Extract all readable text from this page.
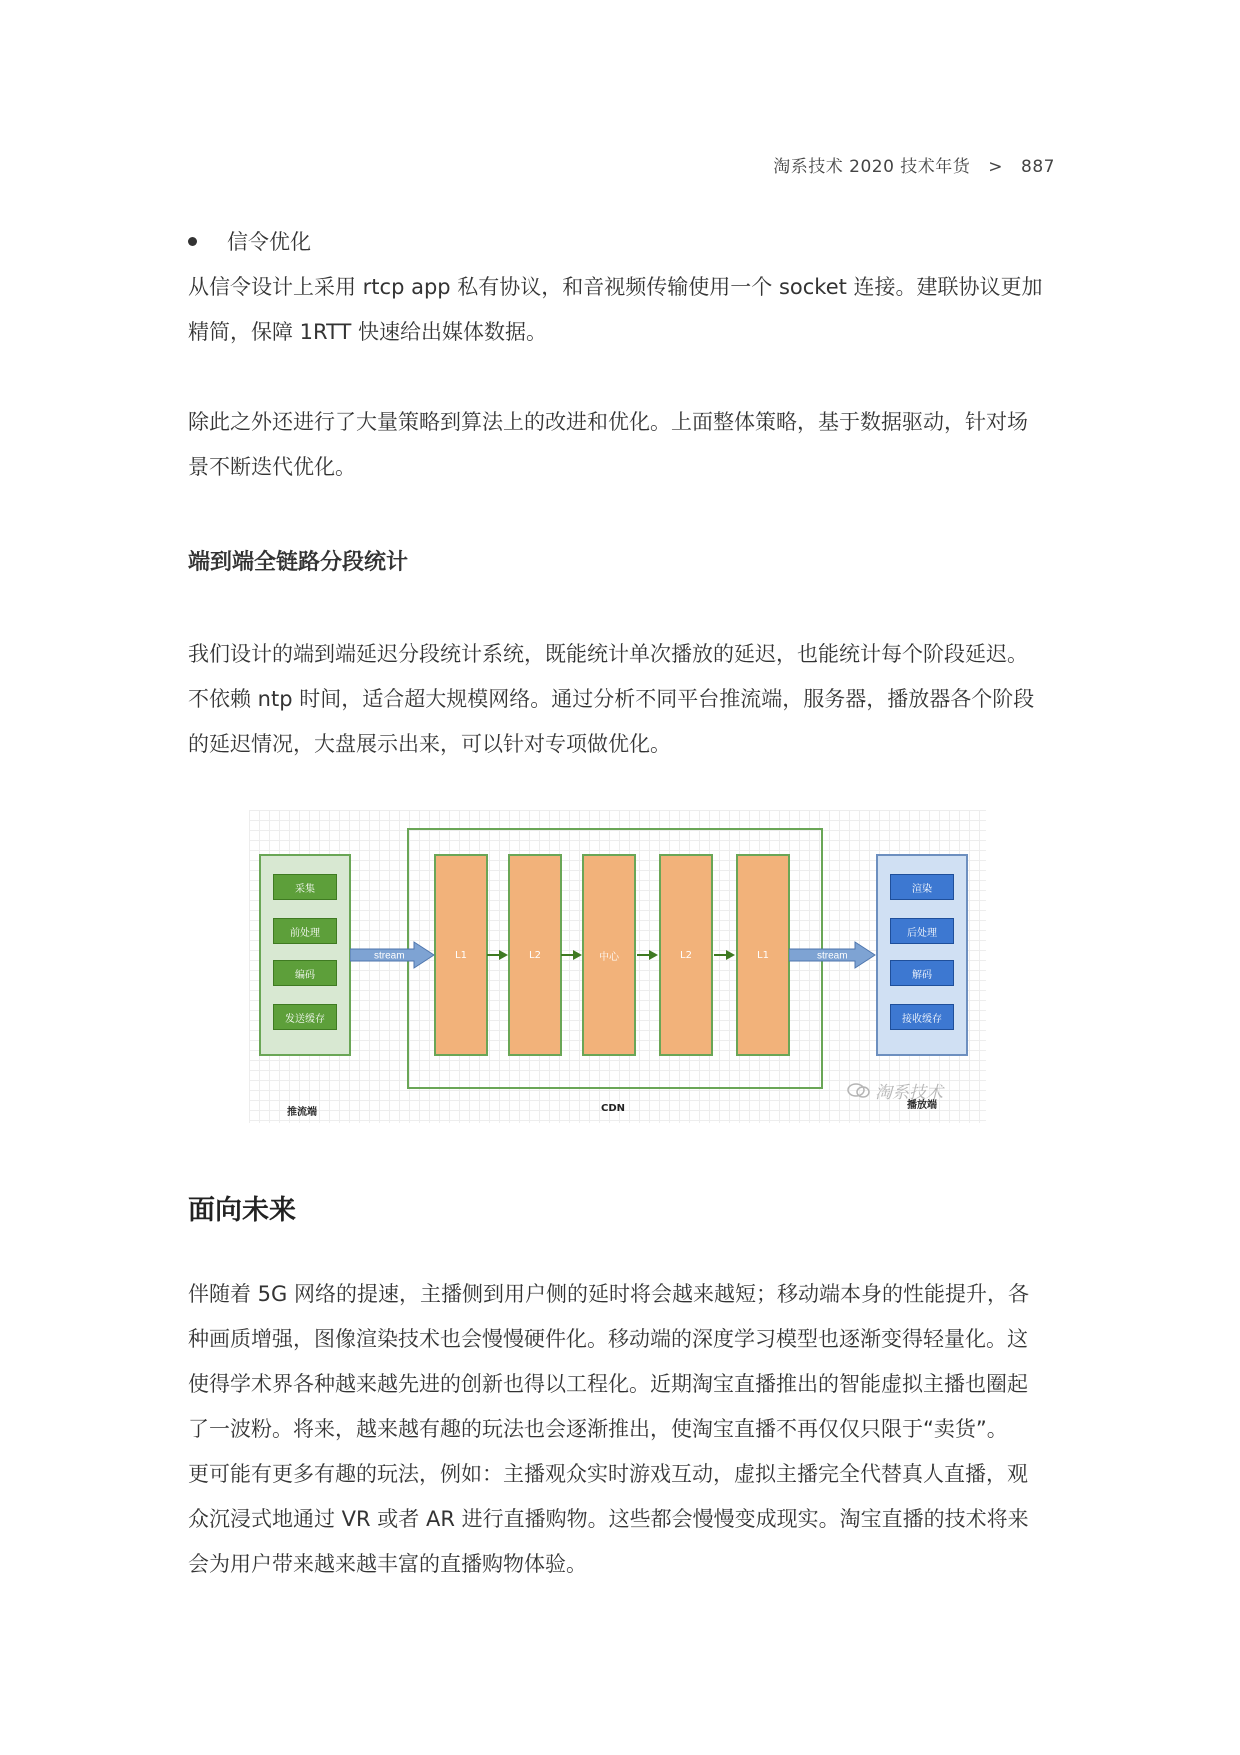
淘系技术 2020 技术年货 > 887
信令优化

从信令设计上采用 rtcp app 私有协议，和音视频传输使用一个 socket 连接。建联协议更加

精简，保障 1RTT 快速给出媒体数据。

除此之外还进行了大量策略到算法上的改进和优化。上面整体策略，基于数据驱动，针对场

景不断迭代优化。

端到端全链路分段统计

我们设计的端到端延迟分段统计系统，既能统计单次播放的延迟，也能统计每个阶段延迟。

不依赖 ntp 时间，适合超大规模网络。通过分析不同平台推流端，服务器，播放器各个阶段

的延迟情况，大盘展示出来，可以针对专项做优化。

采集
前处理
编码
发送缓存
渲染
后处理
解码
接收缓存
L1	L2	中心	L2	L1
stream	stream
推流端	CDN	播放端
淘系技术
面向未来

伴随着 5G 网络的提速，主播侧到用户侧的延时将会越来越短；移动端本身的性能提升，各

种画质增强，图像渲染技术也会慢慢硬件化。移动端的深度学习模型也逐渐变得轻量化。这

使得学术界各种越来越先进的创新也得以工程化。近期淘宝直播推出的智能虚拟主播也圈起

了一波粉。将来，越来越有趣的玩法也会逐渐推出，使淘宝直播不再仅仅只限于“卖货”。

更可能有更多有趣的玩法，例如：主播观众实时游戏互动，虚拟主播完全代替真人直播，观

众沉浸式地通过 VR 或者 AR 进行直播购物。这些都会慢慢变成现实。淘宝直播的技术将来

会为用户带来越来越丰富的直播购物体验。
